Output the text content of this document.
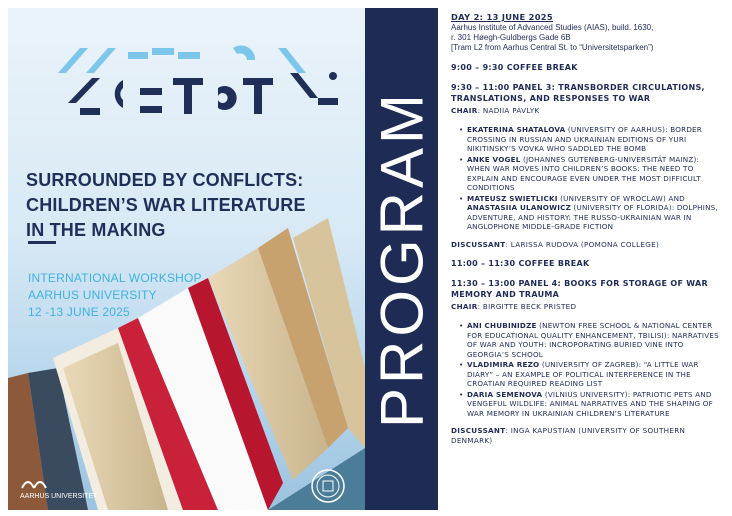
SURROUNDED BY CONFLICTS:
CHILDREN’S WAR LITERATURE
IN THE MAKING
INTERNATIONAL WORKSHOP
AARHUS UNIVERSITY
12 -13 JUNE 2025
AARHUS UNIVERSITET
PROGRAM
DAY 2: 13 JUNE 2025
Aarhus Institute of Advanced Studies (AIAS), build. 1630,
r. 301 Høegh-Guldbergs Gade 6B
[Tram L2 from Aarhus Central St. to “Universitetsparken”)
9:00 – 9:30 COFFEE BREAK
9:30 – 11:00 PANEL 3: TRANSBORDER CIRCULATIONS, TRANSLATIONS, AND RESPONSES TO WAR
CHAIR: NADIIA PAVLYK
• EKATERINA SHATALOVA (UNIVERSITY OF AARHUS): BORDER CROSSING IN RUSSIAN AND UKRAINIAN EDITIONS OF YURI NIKITINSKY’S VOVKA WHO SADDLED THE BOMB
• ANKE VOGEL (JOHANNES GUTENBERG-UNIVERSITÄT MAINZ): WHEN WAR MOVES INTO CHILDREN’S BOOKS: THE NEED TO EXPLAIN AND ENCOURAGE EVEN UNDER THE MOST DIFFICULT CONDITIONS
• MATEUSZ SWIETLICKI (UNIVERSITY OF WROCLAW) AND ANASTASIIA ULANOWICZ (UNIVERSITY OF FLORIDA): DOLPHINS, ADVENTURE, AND HISTORY: THE RUSSO-UKRAINIAN WAR IN ANGLOPHONE MIDDLE-GRADE FICTION
DISCUSSANT: LARISSA RUDOVA (POMONA COLLEGE)
11:00 – 11:30 COFFEE BREAK
11:30 – 13:00 PANEL 4: BOOKS FOR STORAGE OF WAR MEMORY AND TRAUMA
CHAIR: BIRGITTE BECK PRISTED
• ANI CHUBINIDZE (NEWTON FREE SCHOOL & NATIONAL CENTER FOR EDUCATIONAL QUALITY ENHANCEMENT, TBILISI): NARRATIVES OF WAR AND YOUTH: INCROPORATING BURIED VINE INTO GEORGIA’S SCHOOL
• VLADIMIRA REZO (UNIVERSITY OF ZAGREB): “A LITTLE WAR DIARY” – AN EXAMPLE OF POLITICAL INTERFERENCE IN THE CROATIAN REQUIRED READING LIST
• DARIA SEMENOVA (VILNIUS UNIVERSITY): PATRIOTIC PETS AND VENGEFUL WILDLIFE: ANIMAL NARRATIVES AND THE SHAPING OF WAR MEMORY IN UKRAINIAN CHILDREN’S LITERATURE
DISCUSSANT: INGA KAPUSTIAN (UNIVERSITY OF SOUTHERN DENMARK)
